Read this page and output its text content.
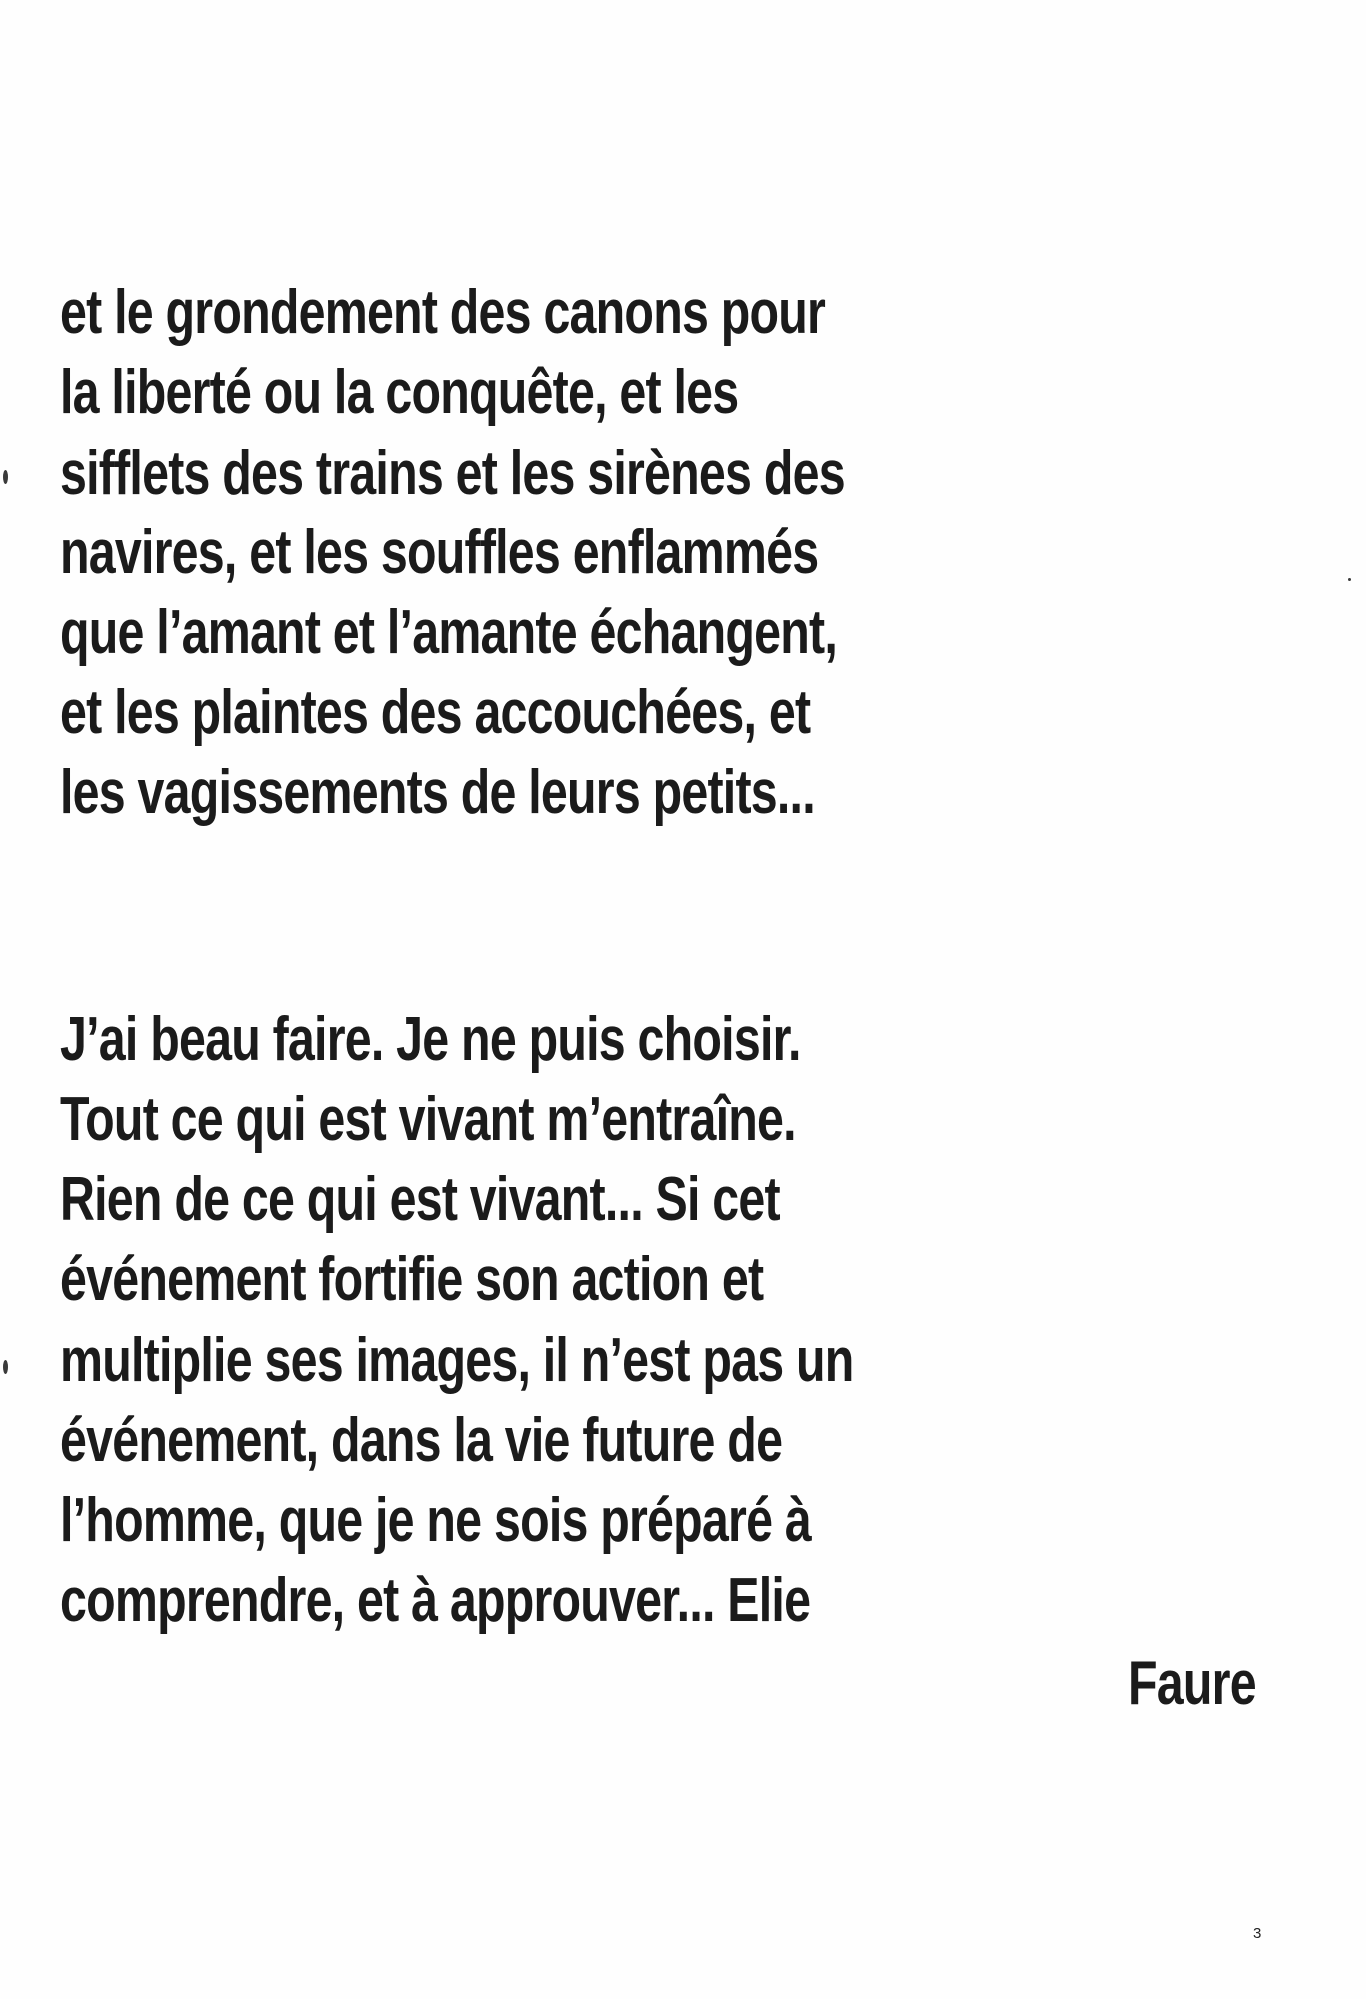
et le grondement des canons pour

la liberté ou la conquête, et les

sifflets des trains et les sirènes des

navires, et les souffles enflammés

que l’amant et l’amante échangent,

et les plaintes des accouchées, et

les vagissements de leurs petits...

J’ai beau faire. Je ne puis choisir.

Tout ce qui est vivant m’entraîne.

Rien de ce qui est vivant... Si cet

événement fortifie son action et

multiplie ses images, il n’est pas un

événement, dans la vie future de

l’homme, que je ne sois préparé à

comprendre, et à approuver... Elie

Faure

3
